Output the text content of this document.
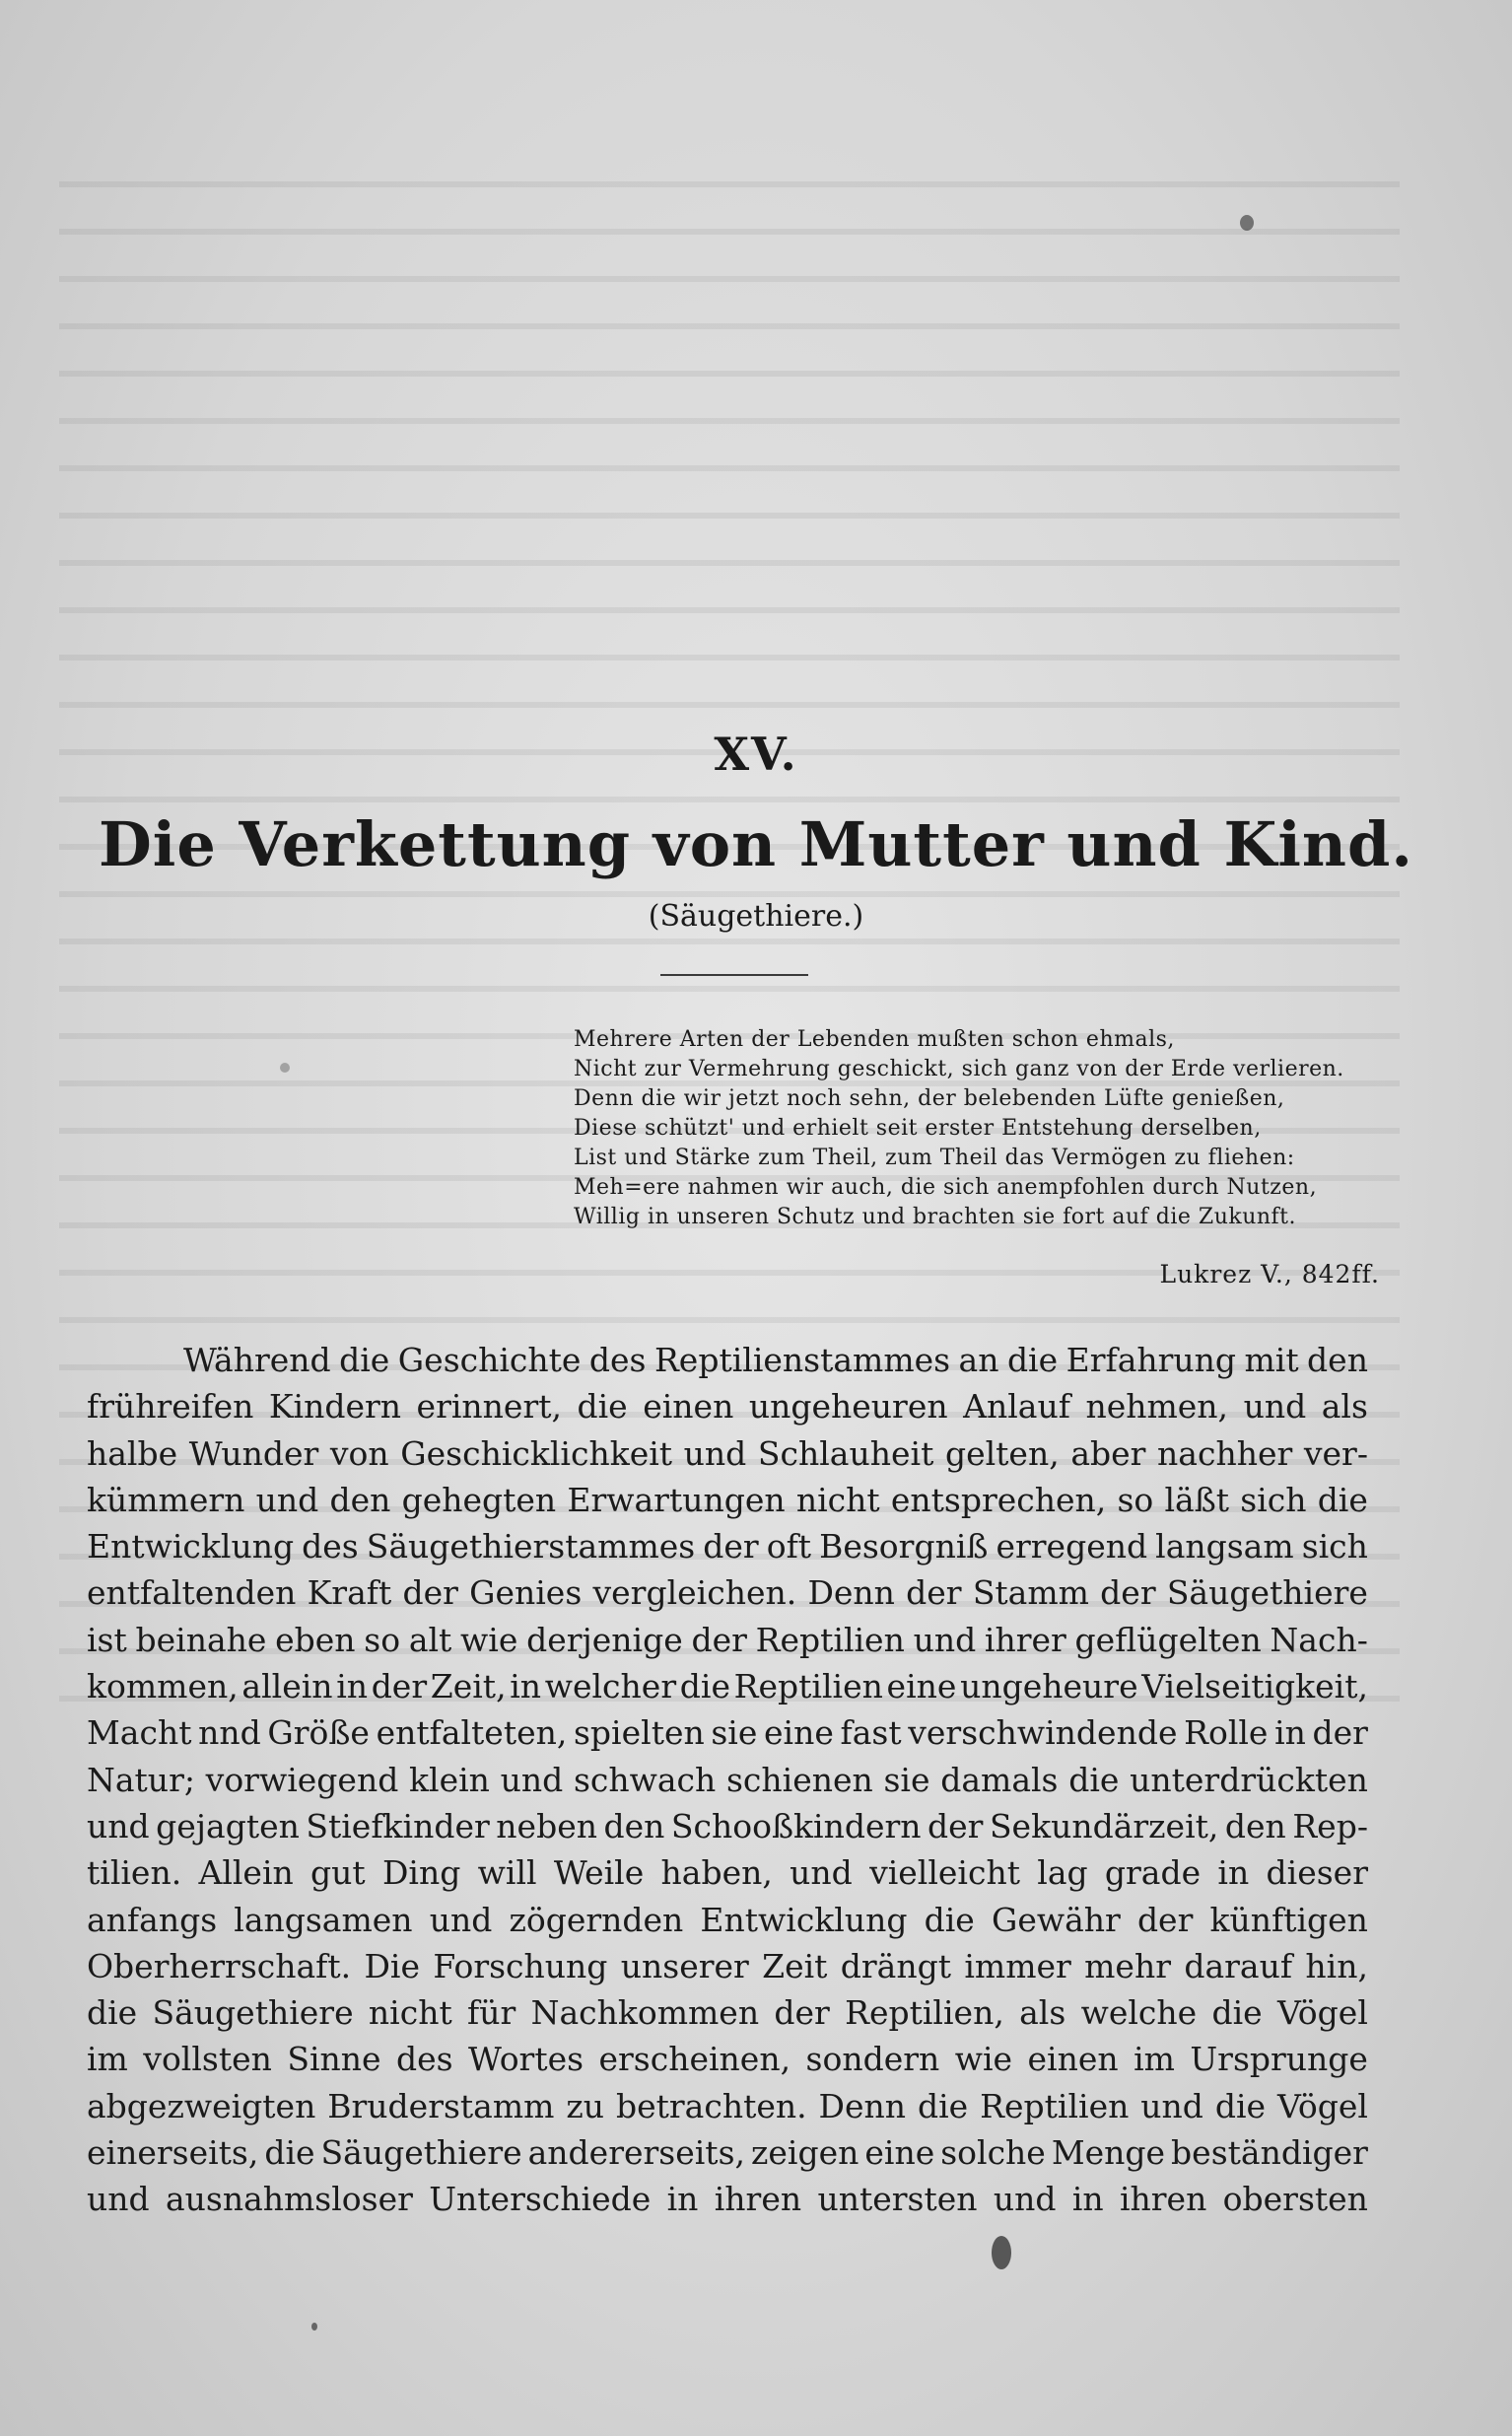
XV.
Die Verkettung von Mutter und Kind.
(Säugethiere.)
Mehrere Arten der Lebenden mußten schon ehmals,
Nicht zur Vermehrung geschickt, sich ganz von der Erde verlieren.
Denn die wir jetzt noch sehn, der belebenden Lüfte genießen,
Diese schützt' und erhielt seit erster Entstehung derselben,
List und Stärke zum Theil, zum Theil das Vermögen zu fliehen:
Meh=ere nahmen wir auch, die sich anempfohlen durch Nutzen,
Willig in unseren Schutz und brachten sie fort auf die Zukunft.
Lukrez V., 842ff.
Während die Geschichte des Reptilienstammes an die Erfahrung mit den
frühreifen Kindern erinnert, die einen ungeheuren Anlauf nehmen, und als
halbe Wunder von Geschicklichkeit und Schlauheit gelten, aber nachher ver-
kümmern und den gehegten Erwartungen nicht entsprechen, so läßt sich die
Entwicklung des Säugethierstammes der oft Besorgniß erregend langsam sich
entfaltenden Kraft der Genies vergleichen. Denn der Stamm der Säugethiere
ist beinahe eben so alt wie derjenige der Reptilien und ihrer geflügelten Nach-
kommen, allein in der Zeit, in welcher die Reptilien eine ungeheure Vielseitigkeit,
Macht nnd Größe entfalteten, spielten sie eine fast verschwindende Rolle in der
Natur; vorwiegend klein und schwach schienen sie damals die unterdrückten
und gejagten Stiefkinder neben den Schooßkindern der Sekundärzeit, den Rep-
tilien. Allein gut Ding will Weile haben, und vielleicht lag grade in dieser
anfangs langsamen und zögernden Entwicklung die Gewähr der künftigen
Oberherrschaft. Die Forschung unserer Zeit drängt immer mehr darauf hin,
die Säugethiere nicht für Nachkommen der Reptilien, als welche die Vögel
im vollsten Sinne des Wortes erscheinen, sondern wie einen im Ursprunge
abgezweigten Bruderstamm zu betrachten. Denn die Reptilien und die Vögel
einerseits, die Säugethiere andererseits, zeigen eine solche Menge beständiger
und ausnahmsloser Unterschiede in ihren untersten und in ihren obersten
